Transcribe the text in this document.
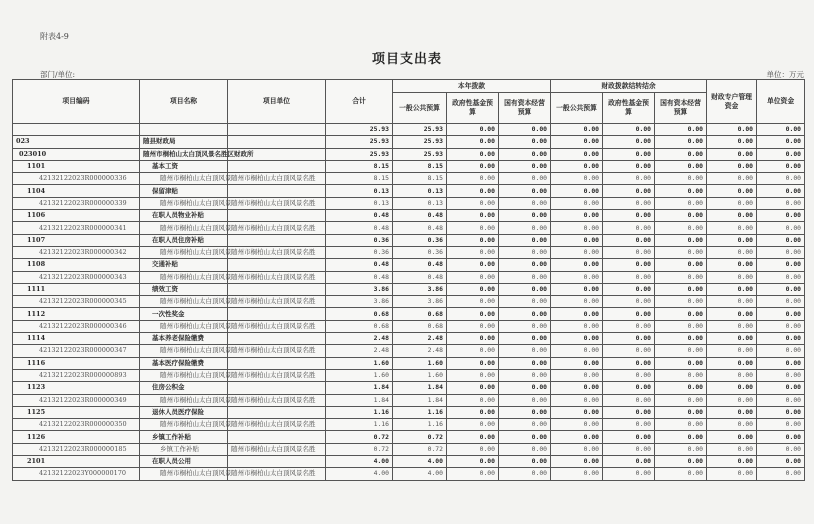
附表4-9
项目支出表
部门/单位:	单位：万元
项目编码	项目名称	项目单位	合计	本年拨款			财政拨款结转结余			财政专户管理资金	单位资金
				一般公共预算	政府性基金预算	国有资本经营预算	一般公共预算	政府性基金预算	国有资本经营预算		
			25.93	25.93	0.00	0.00	0.00	0.00	0.00	0.00	0.00
023	随县财政局		25.93	25.93	0.00	0.00	0.00	0.00	0.00	0.00	0.00
023010	随州市桐柏山太白顶风景名胜区财政所		25.93	25.93	0.00	0.00	0.00	0.00	0.00	0.00	0.00
1101	基本工资		8.15	8.15	0.00	0.00	0.00	0.00	0.00	0.00	0.00
42132122023R000000336	随州市桐柏山太白顶风景	随州市桐柏山太白顶风景名胜	8.15	8.15	0.00	0.00	0.00	0.00	0.00	0.00	0.00
1104	保留津贴		0.13	0.13	0.00	0.00	0.00	0.00	0.00	0.00	0.00
42132122023R000000339	随州市桐柏山太白顶风景	随州市桐柏山太白顶风景名胜	0.13	0.13	0.00	0.00	0.00	0.00	0.00	0.00	0.00
1106	在职人员物业补贴		0.48	0.48	0.00	0.00	0.00	0.00	0.00	0.00	0.00
42132122023R000000341	随州市桐柏山太白顶风景	随州市桐柏山太白顶风景名胜	0.48	0.48	0.00	0.00	0.00	0.00	0.00	0.00	0.00
1107	在职人员住房补贴		0.36	0.36	0.00	0.00	0.00	0.00	0.00	0.00	0.00
42132122023R000000342	随州市桐柏山太白顶风景	随州市桐柏山太白顶风景名胜	0.36	0.36	0.00	0.00	0.00	0.00	0.00	0.00	0.00
1108	交通补贴		0.48	0.48	0.00	0.00	0.00	0.00	0.00	0.00	0.00
42132122023R000000343	随州市桐柏山太白顶风景	随州市桐柏山太白顶风景名胜	0.48	0.48	0.00	0.00	0.00	0.00	0.00	0.00	0.00
1111	绩效工资		3.86	3.86	0.00	0.00	0.00	0.00	0.00	0.00	0.00
42132122023R000000345	随州市桐柏山太白顶风景	随州市桐柏山太白顶风景名胜	3.86	3.86	0.00	0.00	0.00	0.00	0.00	0.00	0.00
1112	一次性奖金		0.68	0.68	0.00	0.00	0.00	0.00	0.00	0.00	0.00
42132122023R000000346	随州市桐柏山太白顶风景	随州市桐柏山太白顶风景名胜	0.68	0.68	0.00	0.00	0.00	0.00	0.00	0.00	0.00
1114	基本养老保险缴费		2.48	2.48	0.00	0.00	0.00	0.00	0.00	0.00	0.00
42132122023R000000347	随州市桐柏山太白顶风景	随州市桐柏山太白顶风景名胜	2.48	2.48	0.00	0.00	0.00	0.00	0.00	0.00	0.00
1116	基本医疗保险缴费		1.60	1.60	0.00	0.00	0.00	0.00	0.00	0.00	0.00
42132122023R000000893	随州市桐柏山太白顶风景	随州市桐柏山太白顶风景名胜	1.60	1.60	0.00	0.00	0.00	0.00	0.00	0.00	0.00
1123	住房公积金		1.84	1.84	0.00	0.00	0.00	0.00	0.00	0.00	0.00
42132122023R000000349	随州市桐柏山太白顶风景	随州市桐柏山太白顶风景名胜	1.84	1.84	0.00	0.00	0.00	0.00	0.00	0.00	0.00
1125	退休人员医疗保险		1.16	1.16	0.00	0.00	0.00	0.00	0.00	0.00	0.00
42132122023R000000350	随州市桐柏山太白顶风景	随州市桐柏山太白顶风景名胜	1.16	1.16	0.00	0.00	0.00	0.00	0.00	0.00	0.00
1126	乡镇工作补贴		0.72	0.72	0.00	0.00	0.00	0.00	0.00	0.00	0.00
42132122023R000000185	乡镇工作补贴	随州市桐柏山太白顶风景名胜	0.72	0.72	0.00	0.00	0.00	0.00	0.00	0.00	0.00
2101	在职人员公用		4.00	4.00	0.00	0.00	0.00	0.00	0.00	0.00	0.00
42132122023Y000000170	随州市桐柏山太白顶风景	随州市桐柏山太白顶风景名胜	4.00	4.00	0.00	0.00	0.00	0.00	0.00	0.00	0.00
